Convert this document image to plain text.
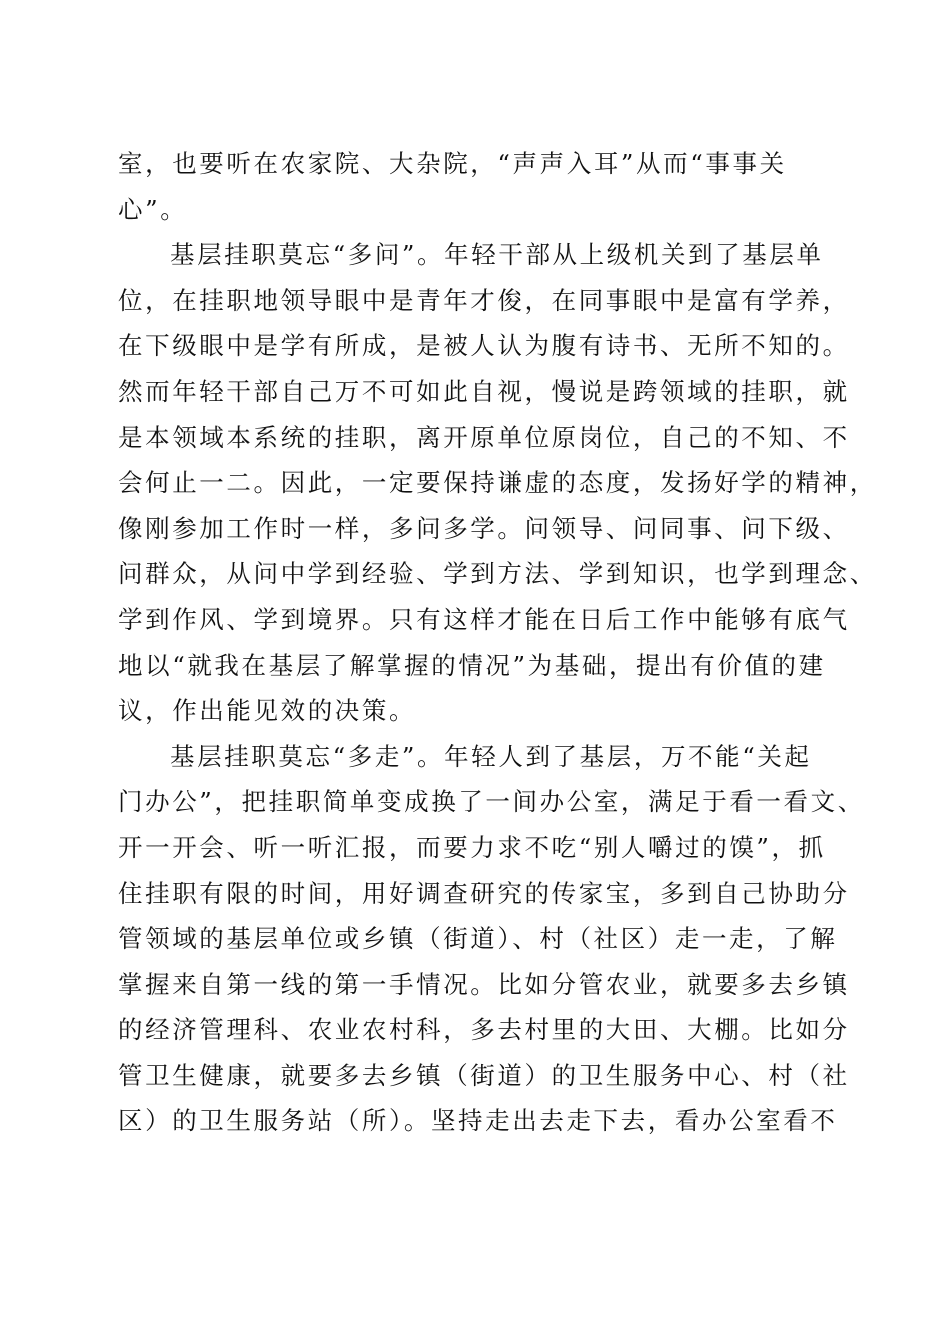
室，也要听在农家院、大杂院，“声声入耳”从而“事事关
心”。
基层挂职莫忘“多问”。年轻干部从上级机关到了基层单
位，在挂职地领导眼中是青年才俊，在同事眼中是富有学养，
在下级眼中是学有所成，是被人认为腹有诗书、无所不知的。
然而年轻干部自己万不可如此自视，慢说是跨领域的挂职，就
是本领域本系统的挂职，离开原单位原岗位，自己的不知、不
会何止一二。因此，一定要保持谦虚的态度，发扬好学的精神，
像刚参加工作时一样，多问多学。问领导、问同事、问下级、
问群众，从问中学到经验、学到方法、学到知识，也学到理念、
学到作风、学到境界。只有这样才能在日后工作中能够有底气
地以“就我在基层了解掌握的情况”为基础，提出有价值的建
议，作出能见效的决策。
基层挂职莫忘“多走”。年轻人到了基层，万不能“关起
门办公”，把挂职简单变成换了一间办公室，满足于看一看文、
开一开会、听一听汇报，而要力求不吃“别人嚼过的馍”，抓
住挂职有限的时间，用好调查研究的传家宝，多到自己协助分
管领域的基层单位或乡镇（街道）、村（社区）走一走，了解
掌握来自第一线的第一手情况。比如分管农业，就要多去乡镇
的经济管理科、农业农村科，多去村里的大田、大棚。比如分
管卫生健康，就要多去乡镇（街道）的卫生服务中心、村（社
区）的卫生服务站（所）。坚持走出去走下去，看办公室看不
